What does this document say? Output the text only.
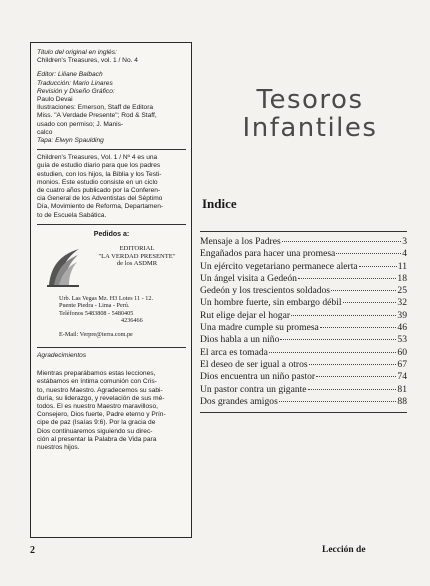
Titulo del original en inglés:

Children's Treasures, vol. 1 / No. 4

Editor: Liliane Balbach

Traducción: Mario Linares

Revisión y Diseño Gráfico:

Paulo Devai

Ilustraciones: Emerson, Staff de Editora

Miss. "A Verdade Presente"; Rod & Staff,

usado con permiso; J. Manis-

calco

Tapa: Elwyn Spaulding

Children's Treasures, Vol. 1 / Nº 4 es una

guía de estudio diario para que los padres

estudien, con los hijos, la Biblia y los Testi-

monios. Este estudio consiste en un ciclo

de cuatro años publicado por la Conferen-

cia General de los Adventistas del Séptimo

Día, Movimiento de Reforma, Departamen-

to de Escuela Sabática.

Pedidos a:
EDITORIAL
"LA VERDAD PRESENTE"
de los ASDMR
Urb. Las Vegas Mz. H3 Lotes 11 - 12.
Puente Piedra - Lima - Perú.
Teléfonos 5483808 - 5480405
4236466
E-Mail: Verpre@terra.com.pe

Agradecimientos

Mientras preparábamos estas lecciones,

estábamos en íntima comunión con Cris-

to, nuestro Maestro. Agradecemos su sabi-

duría, su liderazgo, y revelación de sus mé-

todos. El es nuestro Maestro maravilloso,

Consejero, Dios fuerte, Padre eterno y Prín-

cipe de paz (Isaías 9:6). Por la gracia de

Dios continuaremos siguiendo su direc-

ción al presentar la Palabra de Vida para

nuestros hijos.

Tesoros
Infantiles
Indice
Mensaje a los Padres	3
Engañados para hacer una promesa	4
Un ejército vegetariano permanece alerta	11
Un ángel visita a Gedeón	18
Gedeón y los trescientos soldados	25
Un hombre fuerte, sin embargo débil	32
Rut elige dejar el hogar	39
Una madre cumple su promesa	46
Dios habla a un niño	53
El arca es tomada	60
El deseo de ser igual a otros	67
Dios encuentra un niño pastor	74
Un pastor contra un gigante	81
Dos grandes amigos	88
2	Lección de
